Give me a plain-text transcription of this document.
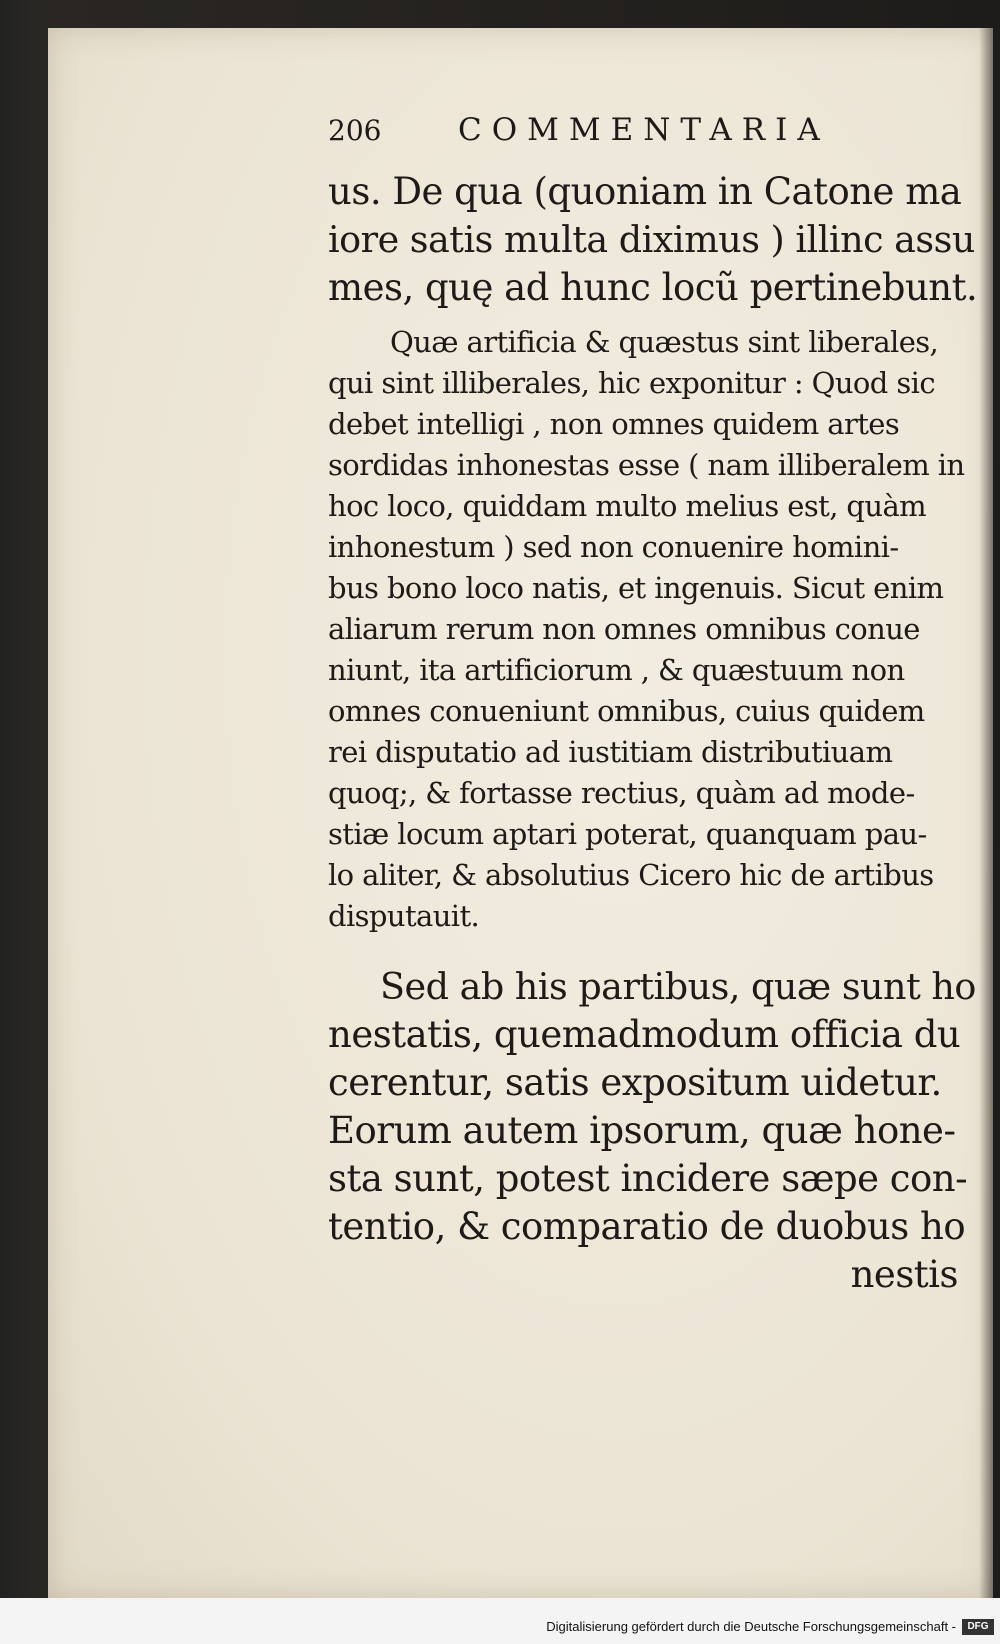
206	COMMENTARIA

us. De qua (quoniam in Catone ma
iore satis multa diximus ) illinc assu
mes, quę ad hunc locũ pertinebunt.

Quæ artificia & quæstus sint liberales,
qui sint illiberales, hic exponitur : Quod sic
debet intelligi , non omnes quidem artes
sordidas inhonestas esse ( nam illiberalem in
hoc loco, quiddam multo melius est, quàm
inhonestum ) sed non conuenire homini-
bus bono loco natis, et ingenuis. Sicut enim
aliarum rerum non omnes omnibus conue
niunt, ita artificiorum , & quæstuum non
omnes conueniunt omnibus, cuius quidem
rei disputatio ad iustitiam distributiuam
quoq;, & fortasse rectius, quàm ad mode-
stiæ locum aptari poterat, quanquam pau-
lo aliter, & absolutius Cicero hic de artibus
disputauit.

Sed ab his partibus, quæ sunt ho
nestatis, quemadmodum officia du
cerentur, satis expositum uidetur.
Eorum autem ipsorum, quæ hone-
sta sunt, potest incidere sæpe con-
tentio, & comparatio de duobus ho
nestis

Digitalisierung gefördert durch die Deutsche Forschungsgemeinschaft -	DFG
